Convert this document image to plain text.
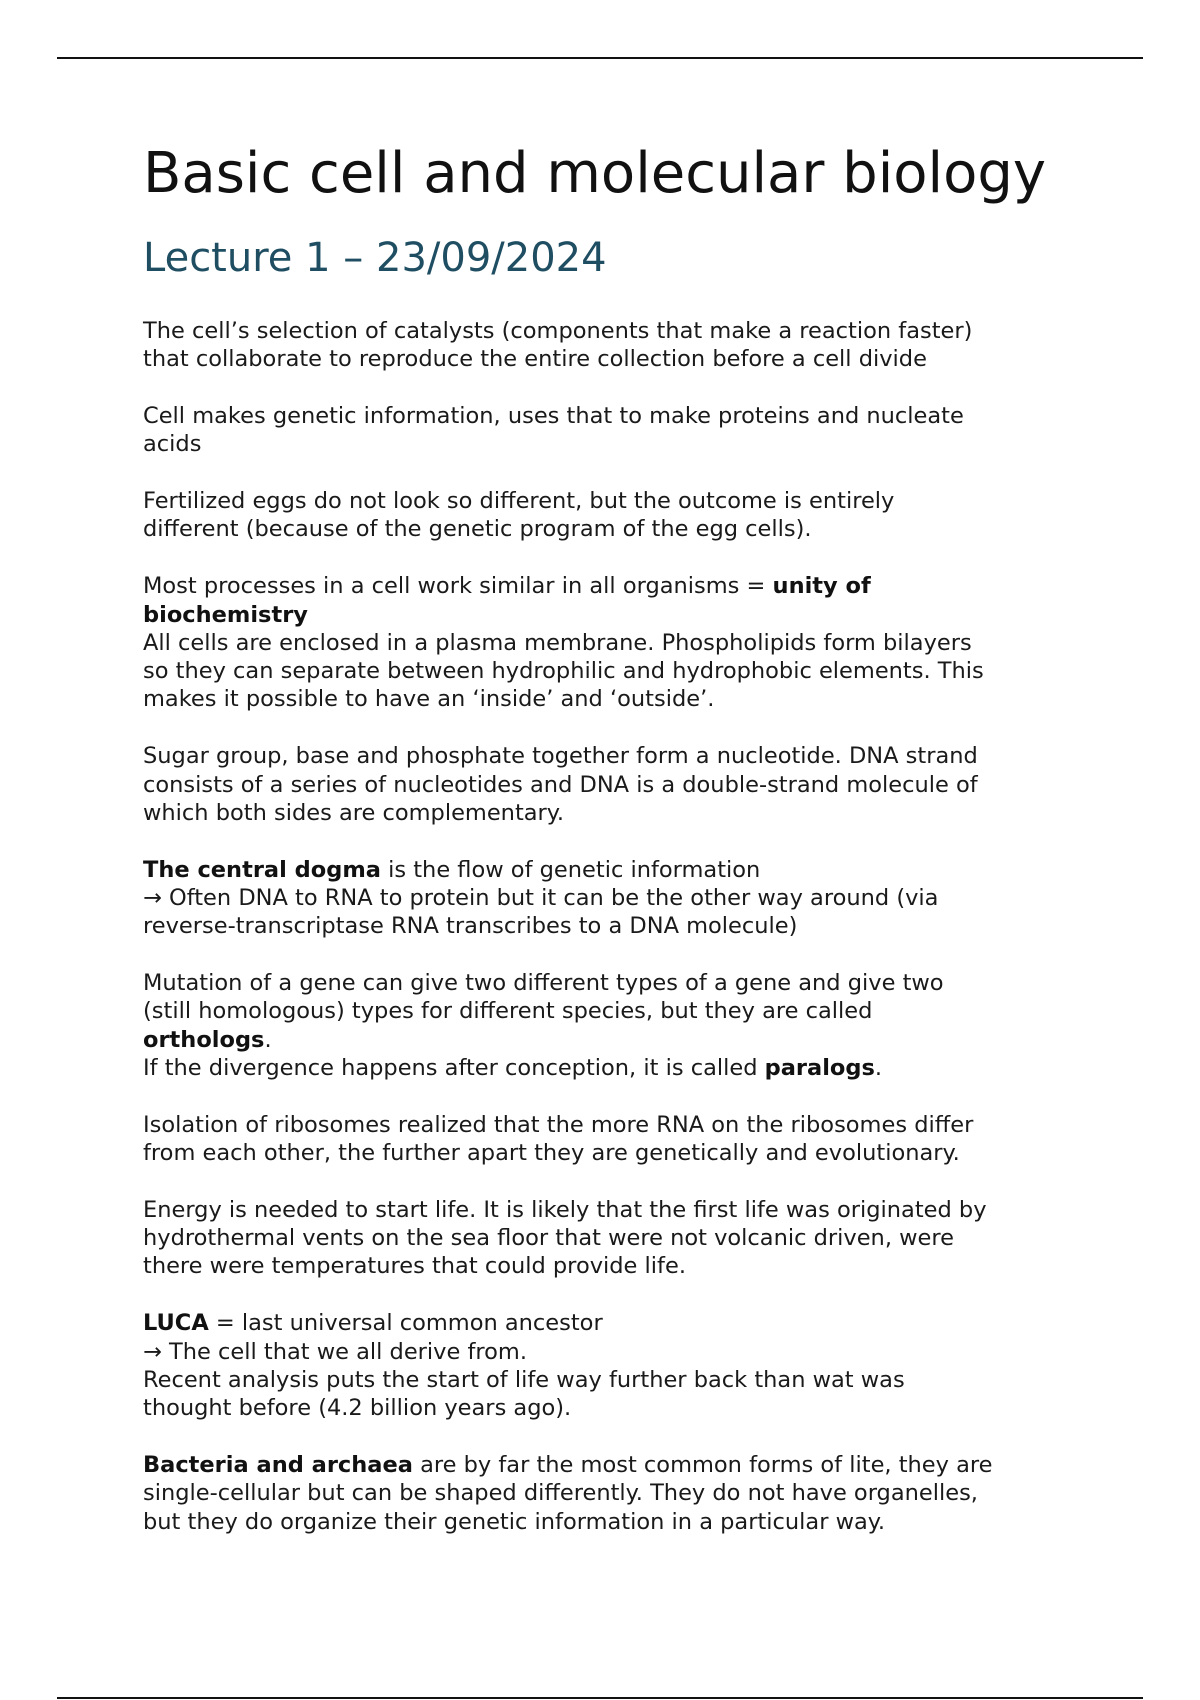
Basic cell and molecular biology
Lecture 1 – 23/09/2024

The cell’s selection of catalysts (components that make a reaction faster)
that collaborate to reproduce the entire collection before a cell divide

Cell makes genetic information, uses that to make proteins and nucleate
acids

Fertilized eggs do not look so different, but the outcome is entirely
different (because of the genetic program of the egg cells).

Most processes in a cell work similar in all organisms = unity of
biochemistry

All cells are enclosed in a plasma membrane. Phospholipids form bilayers
so they can separate between hydrophilic and hydrophobic elements. This
makes it possible to have an ‘inside’ and ‘outside’.

Sugar group, base and phosphate together form a nucleotide. DNA strand
consists of a series of nucleotides and DNA is a double-strand molecule of
which both sides are complementary.

The central dogma is the flow of genetic information
→ Often DNA to RNA to protein but it can be the other way around (via
reverse-transcriptase RNA transcribes to a DNA molecule)

Mutation of a gene can give two different types of a gene and give two
(still homologous) types for different species, but they are called
orthologs.

If the divergence happens after conception, it is called paralogs.

Isolation of ribosomes realized that the more RNA on the ribosomes differ
from each other, the further apart they are genetically and evolutionary.

Energy is needed to start life. It is likely that the first life was originated by
hydrothermal vents on the sea floor that were not volcanic driven, were
there were temperatures that could provide life.

LUCA = last universal common ancestor
→ The cell that we all derive from.

Recent analysis puts the start of life way further back than wat was
thought before (4.2 billion years ago).

Bacteria and archaea are by far the most common forms of lite, they are
single-cellular but can be shaped differently. They do not have organelles,
but they do organize their genetic information in a particular way.
